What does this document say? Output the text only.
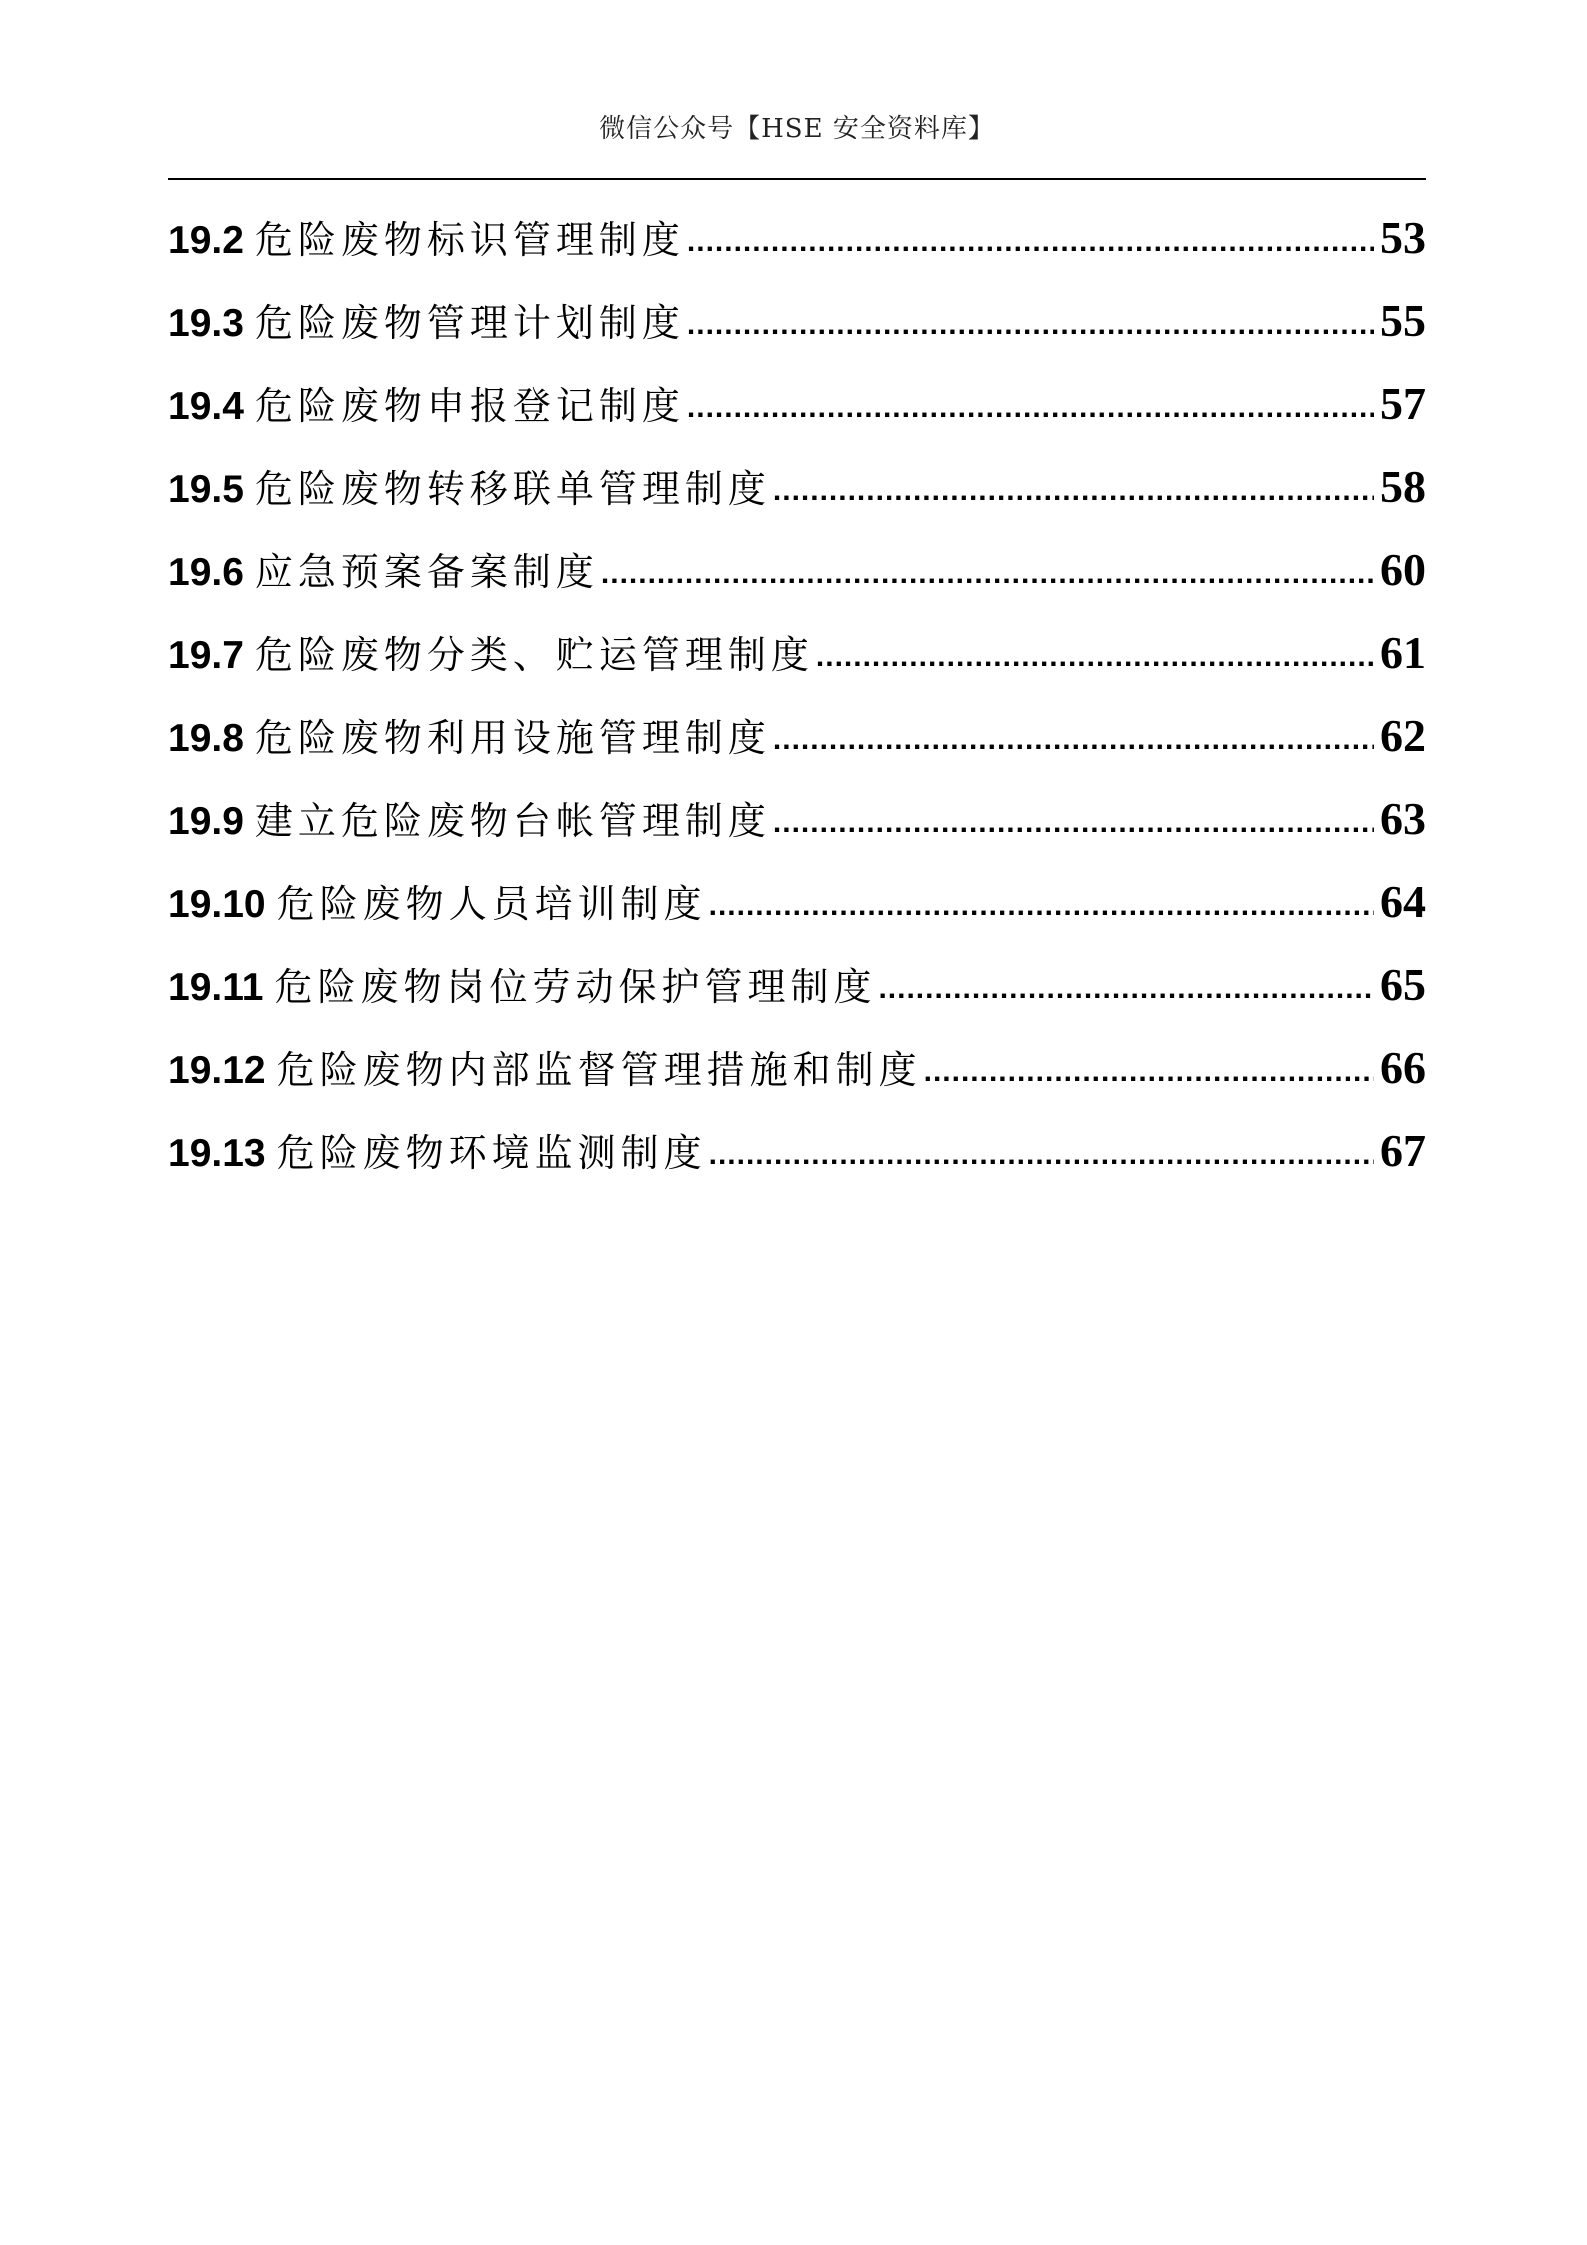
微信公众号【HSE 安全资料库】
19.2 危险废物标识管理制度 .....	53
19.3 危险废物管理计划制度 .....	55
19.4 危险废物申报登记制度 .....	57
19.5 危险废物转移联单管理制度 .....	58
19.6 应急预案备案制度 .....	60
19.7 危险废物分类、贮运管理制度 .....	61
19.8 危险废物利用设施管理制度 .....	62
19.9 建立危险废物台帐管理制度 .....	63
19.10 危险废物人员培训制度 .....	64
19.11 危险废物岗位劳动保护管理制度 .....	65
19.12 危险废物内部监督管理措施和制度 .....	66
19.13 危险废物环境监测制度 .....	67
